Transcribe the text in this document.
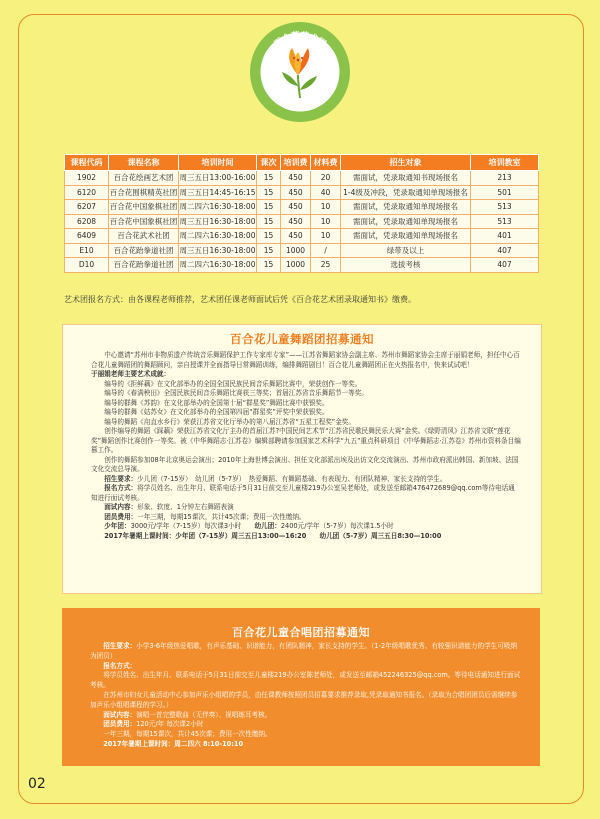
百合花艺术团
苏州市妇女儿童活动中心
课程代码	课程名称	培训时间	课次	培训费	材料费	招生对象	培训教室
1902	百合花绘画艺术团	周三五日13:00-16:00	15	450	20	需面试，凭录取通知书现场报名	213
6120	百合花围棋精英社团	周三五日14:45-16:15	15	450	40	1-4级及冲段，凭录取通知单现场报名	501
6207	百合花中国象棋社团	周二四六16:30-18:00	15	450	10	需面试，凭录取通知单现场报名	513
6208	百合花中国象棋社团	周三五日16:30-18:00	15	450	10	需面试，凭录取通知单现场报名	513
6409	百合花武术社团	周二四六16:30-18:00	15	450	10	需面试，凭录取通知单现场报名	401
E10	百合花跆拳道社团	周三五日16:30-18:00	15	1000	/	绿带及以上	407
D10	百合花跆拳道社团	周二四六16:30-18:00	15	1000	25	选拔考核	407
艺术团报名方式：由各课程老师推荐，艺术团任课老师面试后凭《百合花艺术团录取通知书》缴费。
百合花儿童舞蹈团招募通知

中心邀请“苏州市非物质遗产传统音乐舞蹈保护工作专家库专家”——江苏省舞蹈家协会副主席、苏州市舞蹈家协会主席于丽娟老师，担任中心百合花儿童舞蹈团的舞蹈顾问，亲自授课并全面指导日常舞蹈训练，编排舞蹈剧目！百合花儿童舞蹈团正在火热报名中，快来试试吧！

于丽娟老师主要艺术成就：

编导的《拒鲜藕》在文化部举办的全国全国民族民间音乐舞蹈比赛中，荣获创作一等奖。

编导的《春满秧田》全国民族民间音乐舞蹈比赛获三等奖；首届江苏省音乐舞蹈节一等奖。

编导的群舞《苏韵》在文化部举办的全国第十届“群星奖”舞蹈比赛中获银奖。

编导的群舞《姑苏女》在文化部举办的全国第四届“群星奖”评奖中荣获银奖。

编导的舞蹈《甪直水乡行》荣获江苏省文化厅举办的第八届江苏省“五星工程奖”金奖。

创作编导的舞蹈《踩藕》荣获江苏省文化厅主办的首届江苏?中国民间艺术节“江苏省民歌民舞民乐大赛”金奖。《绿野清风》江苏省文联“莲花奖”舞蹈创作比赛创作一等奖。被《中华舞蹈志·江苏卷》编辑部聘请参加国家艺术科学“九五”重点科研项目《中华舞蹈志·江苏卷》苏州市资料条目编篡工作。

创作的舞蹈参加08年北京奥运会演出；2010年上海世博会演出、担任文化部派出埃及出访文化交流演出、苏州市政府派出韩国、新加坡、法国文化交流总导演。

招生要求：少儿团（7-15岁）　幼儿团（5-7岁）　热爱舞蹈、有舞蹈基础、有表现力、有团队精神、家长支持的学生。

报名方式：将学员姓名、出生年月、联系电话于5月31日前交至儿童楼219办公室吴老师处，或发送至邮箱476472689@qq.com等待电话通知进行面试考核。

面试内容：形象、软度、1分钟左右舞蹈表演

团员费用：一年三期，每期15课次，共计45次课；费用一次性缴纳。

少年团：3000元/学年（7-15岁）每次课3小时　　 幼儿团：2400元/学年（5-7岁）每次课1.5小时

2017年暑期上课时间：少年团（7-15岁）周三五日13:00—16:20　　幼儿团（5-7岁）周三五日8:30—10:00

百合花儿童合唱团招募通知

招生要求：小学3-6年级热爱唱歌，有声乐基础、识谱能力，有团队精神，家长支持的学生。（1-2年级唱歌优秀、有较强识谱能力的学生可吸纳为团员）

报名方式：

将学员姓名、出生年月、联系电话于5月31日前交至儿童楼219办公室陈老师处，或发送至邮箱452246325@qq.com。等待电话通知进行面试考核。

在苏州市妇女儿童活动中心参加声乐小组唱的学员，由任课教师按照团员招募要求推荐录取,凭录取通知书报名。（录取为合唱团团员后需继续参加声乐小组唱课程的学习。）

面试内容：演唱一首完整歌曲（无伴奏）、视唱练耳考核。

团员费用：120元/年 每次课2小时

一年三期，每期15课次，共计45次课；费用一次性缴纳。

2017年暑期上课时间：周二四六 8:10-10:10

02
